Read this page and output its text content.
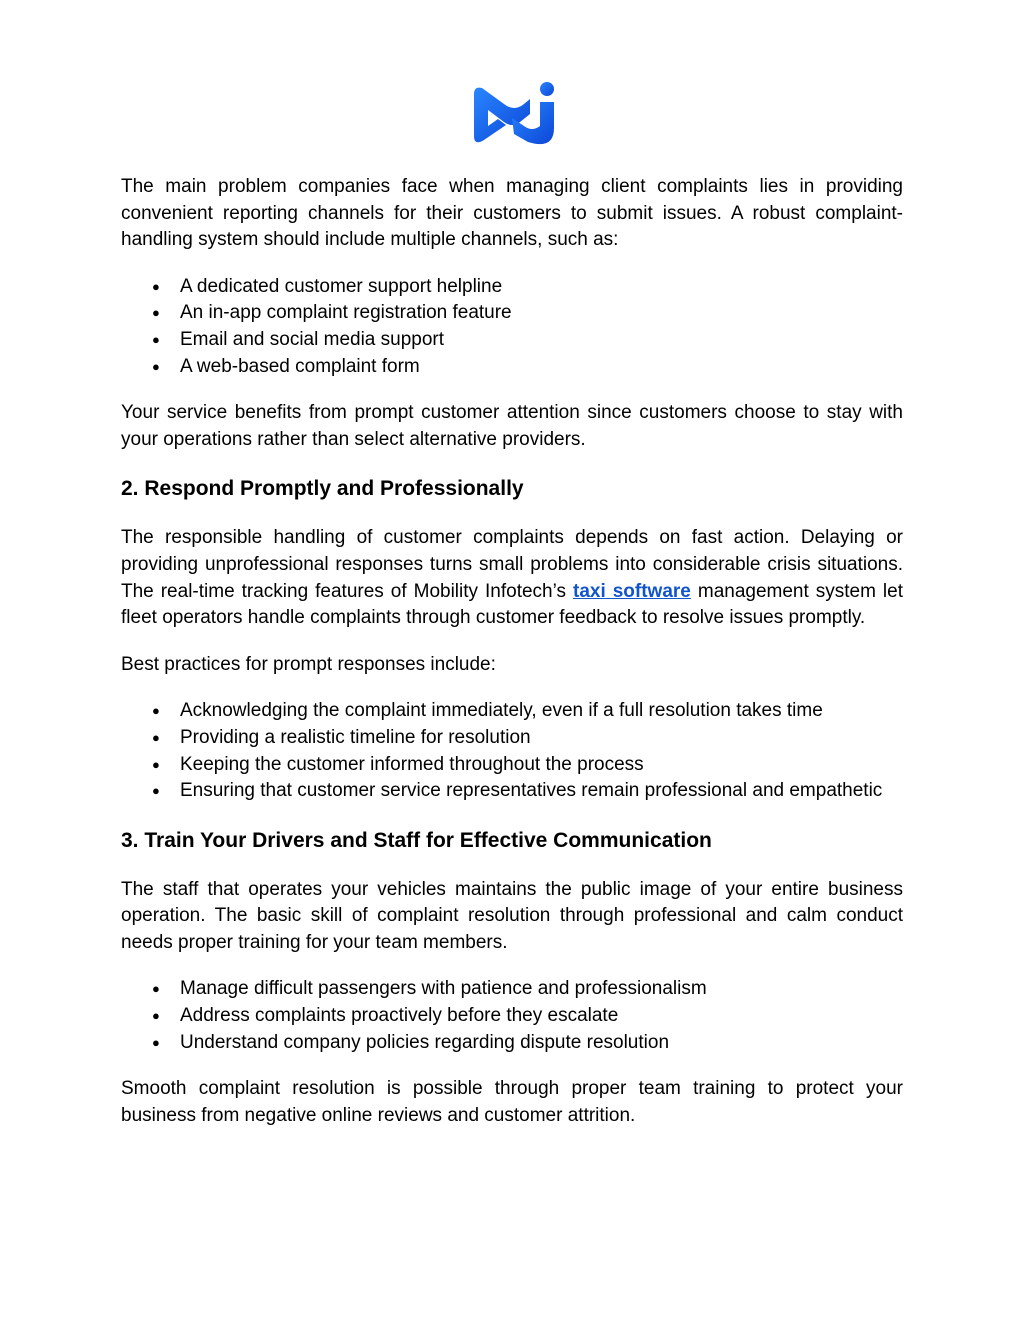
The main problem companies face when managing client complaints lies in providing convenient reporting channels for their customers to submit issues. A robust complaint-handling system should include multiple channels, such as:

● A dedicated customer support helpline
● An in-app complaint registration feature
● Email and social media support
● A web-based complaint form

Your service benefits from prompt customer attention since customers choose to stay with your operations rather than select alternative providers.

2. Respond Promptly and Professionally

The responsible handling of customer complaints depends on fast action. Delaying or providing unprofessional responses turns small problems into considerable crisis situations. The real-time tracking features of Mobility Infotech’s taxi software management system let fleet operators handle complaints through customer feedback to resolve issues promptly.

Best practices for prompt responses include:

● Acknowledging the complaint immediately, even if a full resolution takes time
● Providing a realistic timeline for resolution
● Keeping the customer informed throughout the process
● Ensuring that customer service representatives remain professional and empathetic
3. Train Your Drivers and Staff for Effective Communication

The staff that operates your vehicles maintains the public image of your entire business operation. The basic skill of complaint resolution through professional and calm conduct needs proper training for your team members.

● Manage difficult passengers with patience and professionalism
● Address complaints proactively before they escalate
● Understand company policies regarding dispute resolution

Smooth complaint resolution is possible through proper team training to protect your business from negative online reviews and customer attrition.
